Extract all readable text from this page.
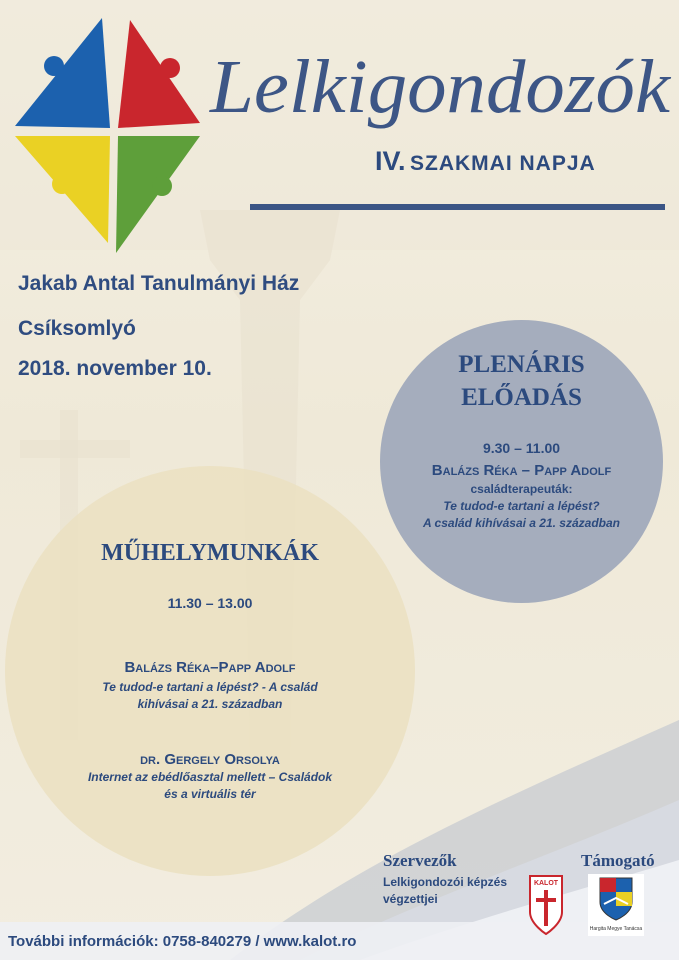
Lelkigondozók
IV. SZAKMAI NAPJA
Jakab Antal Tanulmányi Ház
Csíksomlyó
2018. november 10.	PLENÁRIS
ELŐADÁS
9.30 – 11.00
Balázs Réka – Papp Adolf
családterapeuták:
Te tudod-e tartani a lépést?
A család kihívásai a 21. században
MŰHELYMUNKÁK
11.30 – 13.00
Balázs Réka–Papp Adolf
Te tudod-e tartani a lépést? - A család
kihívásai a 21. században
dr. Gergely Orsolya
Internet az ebédlőasztal mellett – Családok
és a virtuális tér
Szervezők
Lelkigondozói képzés
végzettjei
KALOT
Támogató
Hargita Megye Tanácsa
További információk: 0758-840279 / www.kalot.ro
